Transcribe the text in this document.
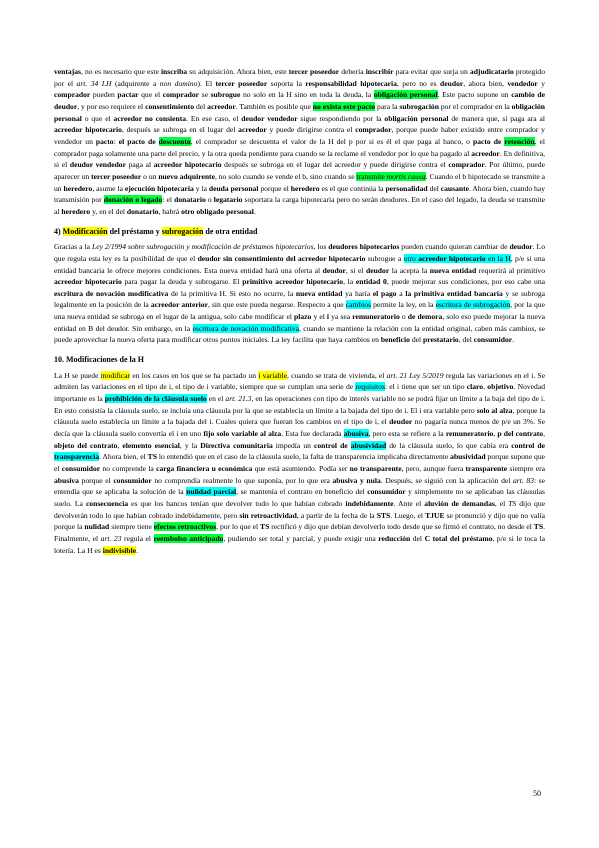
ventajas, no es necesario que este inscriba su adquisición. Ahora bien, este tercer poseedor debería inscribir para evitar que surja un adjudicatario protegido por el art. 34 LH (adquirente a non domino). El tercer poseedor soporta la responsabilidad hipotecaria, pero no es deudor, ahora bien, vendedor y comprador pueden pactar que el comprador se subrogue no solo en la H sino en toda la deuda, la obligación personal. Este pacto supone un cambio de deudor, y por eso requiere el consentimiento del acreedor. También es posible que no exista este pacto para la subrogación por el comprador en la obligación personal o que el acreedor no consienta. En ese caso, el deudor vendedor sigue respondiendo por la obligación personal de manera que, si paga ara al acreedor hipotecario, después se subroga en el lugar del acreedor y puede dirigirse contra el comprador, porque puede haber existido entre comprador y vendedor un pacto: el pacto de descuento, el comprador se descuenta el valor de la H del p por si es él el que paga al banco, o pacto de retención, el comprador paga solamente una parte del precio, y la otra queda pendiente para cuando se la reclame el vendedor por lo que ha pagado al acreedor. En definitiva, si el deudor vendedor paga al acreedor hipotecario después se subroga en el lugar del acreedor y puede dirigirse contra el comprador. Por último, puede aparecer un tercer poseedor o un nuevo adquirente, no solo cuando se vende el b, sino cuando se transmite mortis causa. Cuando el b hipotecado se transmite a un heredero, asume la ejecución hipotecaria y la deuda personal porque el heredero es el que continúa la personalidad del causante. Ahora bien, cuando hay transmisión por donación o legado: el donatario o legatario soportara la carga hipotecaria pero no serán deudores. En el caso del legado, la deuda se transmite al heredero y, en el del donatario, habrá otro obligado personal.

4) Modificación del préstamo y subrogación de otra entidad

Gracias a la Ley 2/1994 sobre subrogación y modificación de préstamos hipotecarios, los deudores hipotecarios pueden cuando quieran cambiar de deudor. Lo que regula esta ley es la posibilidad de que el deudor sin consentimiento del acreedor hipotecario subrogue a otro acreedor hipotecario en la H, p/e si una entidad bancaria le ofrece mejores condiciones. Esta nueva entidad hará una oferta al deudor, si el deudor la acepta la nueva entidad requerirá al primitivo acreedor hipotecario para pagar la deuda y subrogarse. El primitivo acreedor hipotecario, la entidad 0, puede mejorar sus condiciones, por eso cabe una escritura de novación modificativa de la primitiva H. Si esto no ocurre, la nueva entidad ya haría el pago a la primitiva entidad bancaria y se subroga legalmente en la posición de la acreedor anterior, sin que este pueda negarse. Respecto a que cambios permite la ley, en la escritura de subrogación, por la que una nueva entidad se subroga en el lugar de la antigua, solo cabe modificar el plazo y el i ya sea remuneratorio o de demora, solo eso puede mejorar la nueva entidad en B del deudor. Sin embargo, en la escritura de novación modificativa, cuando se mantiene la relación con la entidad original, caben más cambios, se puede aprovechar la nueva oferta para modificar otros puntos iniciales. La ley facilita que haya cambios en beneficio del prestatario, del consumidor.

10. Modificaciones de la H

La H se puede modificar en los casos en los que se ha pactado un i variable, cuando se trata de vivienda, el art. 21 Ley 5/2019 regula las variaciones en el i. Se admiten las variaciones en el tipo de i, el tipo de i variable, siempre que se cumplan una serie de requisitos: el i tiene que ser un tipo claro, objetivo. Novedad importante es la prohibición de la cláusula suelo en el art. 21.3, en las operaciones con tipo de interés variable no se podrá fijar un límite a la baja del tipo de i. En esto consistía la cláusula suelo, se incluía una cláusula por la que se establecía un límite a la bajada del tipo de i. El i era variable pero solo al alza, porque la cláusula suelo establecía un límite a la bajada del i. Cuales quiera que fueran los cambios en el tipo de i, el deudor no pagaría nunca menos de p/e un 3%. Se decía que la cláusula suelo convertía el i en uno fijo solo variable al alza. Esta fue declarada abusiva, pero esta se refiere a la remuneratorio, p del contrato, objeto del contrato, elemento esencial, y la Directiva comunitaria impedía un control de abusividad de la cláusula suelo, lo que cabía era control de transparencia. Ahora bien, el TS lo entendió que en el caso de la cláusula suelo, la falta de transparencia implicaba directamente abusividad porque supone que el consumidor no comprende la carga financiera u económica que está asumiendo. Podía ser no transparente, pero, aunque fuera transparente siempre era abusiva porque el consumidor no comprendía realmente lo que suponía, por lo que era abusiva y nula. Después, se siguió con la aplicación del art. 83: se entendía que se aplicaba la solución de la nulidad parcial, se mantenía el contrato en beneficio del consumidor y simplemente no se aplicaban las cláusulas suelo. La consecuencia es que los bancos tenían que devolver todo lo que habían cobrado indebidamente. Ante el aluvión de demandas, el TS dijo que devolverán todo lo que habían cobrado indebidamente, pero sin retroactividad, a partir de la fecha de la STS. Luego, el TJUE se pronunció y dijo que no valía porque la nulidad siempre tiene efectos retroactivos, por lo que el TS rectificó y dijo que debían devolverlo todo desde que se firmó el contrato, no desde el TS. Finalmente, el art. 23 regula el reembolso anticipado, pudiendo ser total y parcial, y puede exigir una reducción del C total del préstamo, p/e si le toca la lotería. La H es indivisible.

50
